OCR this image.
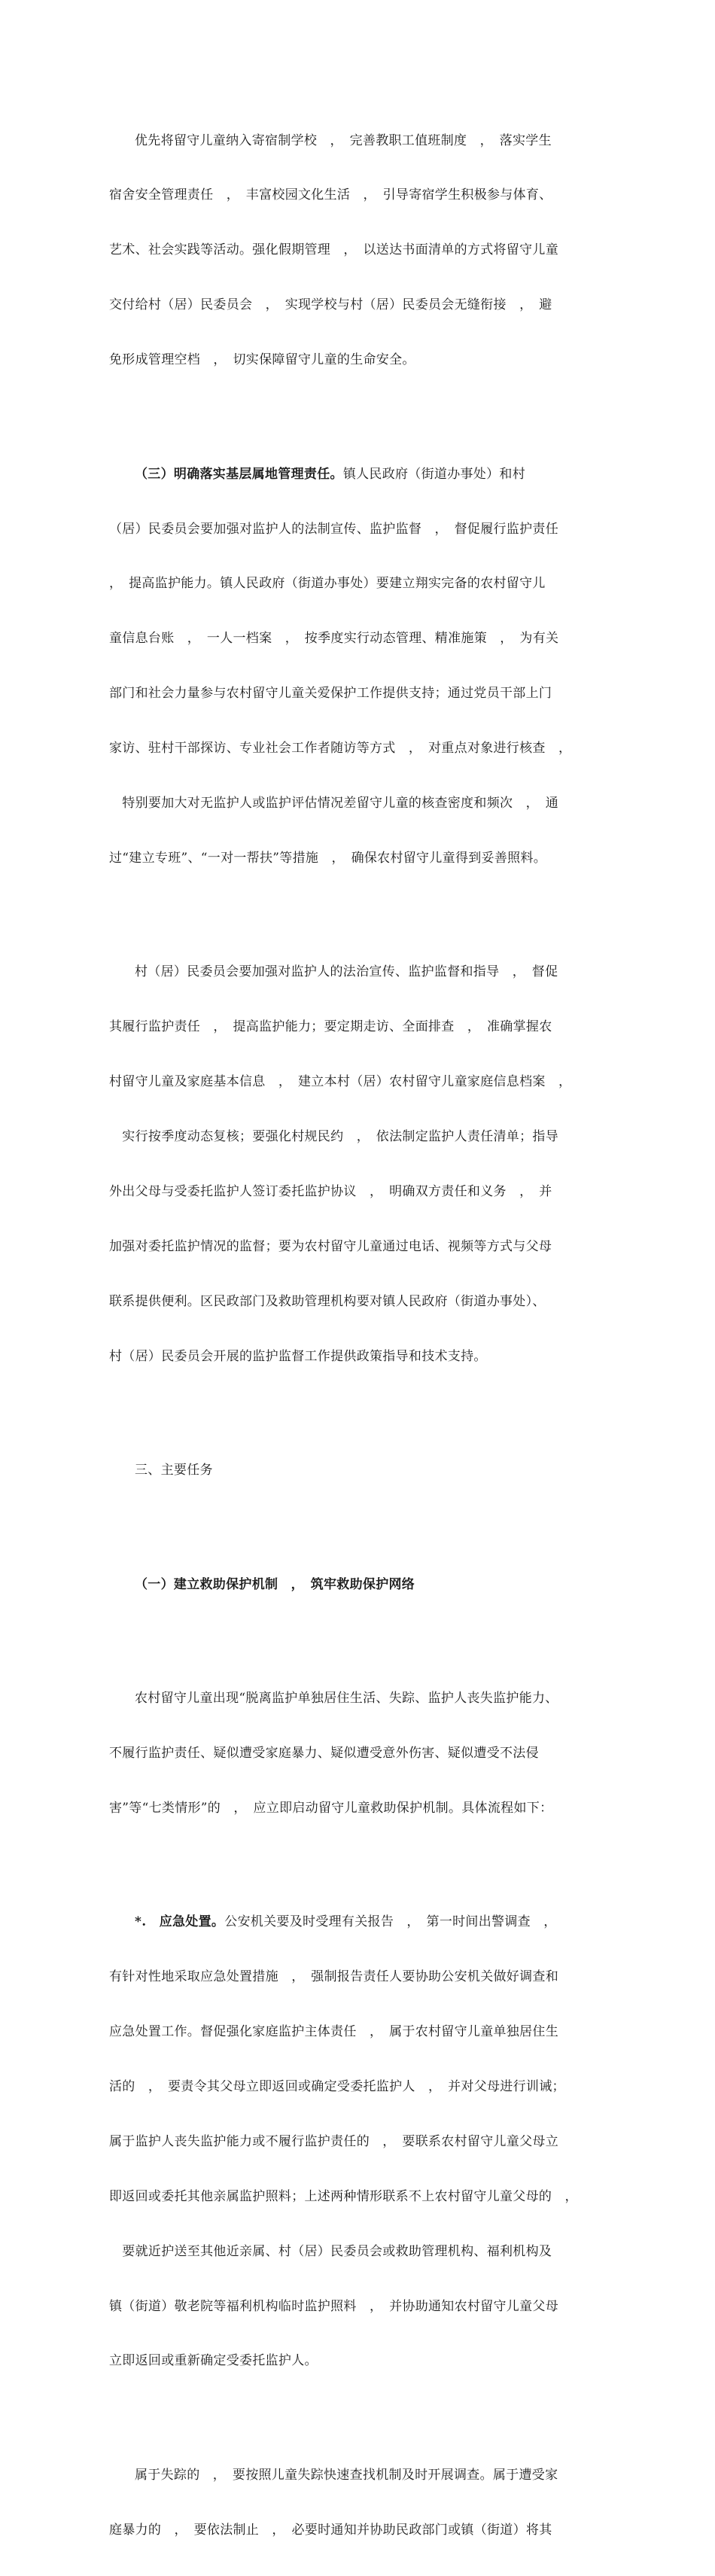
优先将留守儿童纳入寄宿制学校　，　完善教职工值班制度　，　落实学生

宿舍安全管理责任　，　丰富校园文化生活　，　引导寄宿学生积极参与体育、

艺术、社会实践等活动。强化假期管理　，　以送达书面清单的方式将留守儿童

交付给村（居）民委员会　，　实现学校与村（居）民委员会无缝衔接　，　避

免形成管理空档　，　切实保障留守儿童的生命安全。

（三）明确落实基层属地管理责任。镇人民政府（街道办事处）和村

（居）民委员会要加强对监护人的法制宣传、监护监督　，　督促履行监护责任

，　提高监护能力。镇人民政府（街道办事处）要建立翔实完备的农村留守儿

童信息台账　，　一人一档案　，　按季度实行动态管理、精准施策　，　为有关

部门和社会力量参与农村留守儿童关爱保护工作提供支持；通过党员干部上门

家访、驻村干部探访、专业社会工作者随访等方式　，　对重点对象进行核查　，

　特别要加大对无监护人或监护评估情况差留守儿童的核查密度和频次　，　通

过“建立专班”、“一对一帮扶”等措施　，　确保农村留守儿童得到妥善照料。

村（居）民委员会要加强对监护人的法治宣传、监护监督和指导　，　督促

其履行监护责任　，　提高监护能力；要定期走访、全面排查　，　准确掌握农

村留守儿童及家庭基本信息　，　建立本村（居）农村留守儿童家庭信息档案　，

　实行按季度动态复核；要强化村规民约　，　依法制定监护人责任清单；指导

外出父母与受委托监护人签订委托监护协议　，　明确双方责任和义务　，　并

加强对委托监护情况的监督；要为农村留守儿童通过电话、视频等方式与父母

联系提供便利。区民政部门及救助管理机构要对镇人民政府（街道办事处）、

村（居）民委员会开展的监护监督工作提供政策指导和技术支持。

三、主要任务

（一）建立救助保护机制　，　筑牢救助保护网络

农村留守儿童出现“脱离监护单独居住生活、失踪、监护人丧失监护能力、

不履行监护责任、疑似遭受家庭暴力、疑似遭受意外伤害、疑似遭受不法侵

害”等“七类情形”的　，　应立即启动留守儿童救助保护机制。具体流程如下：

*.　应急处置。公安机关要及时受理有关报告　，　第一时间出警调查　，

有针对性地采取应急处置措施　，　强制报告责任人要协助公安机关做好调查和

应急处置工作。督促强化家庭监护主体责任　，　属于农村留守儿童单独居住生

活的　，　要责令其父母立即返回或确定受委托监护人　，　并对父母进行训诫；

属于监护人丧失监护能力或不履行监护责任的　，　要联系农村留守儿童父母立

即返回或委托其他亲属监护照料；上述两种情形联系不上农村留守儿童父母的　，

　要就近护送至其他近亲属、村（居）民委员会或救助管理机构、福利机构及

镇（街道）敬老院等福利机构临时监护照料　，　并协助通知农村留守儿童父母

立即返回或重新确定受委托监护人。

属于失踪的　，　要按照儿童失踪快速查找机制及时开展调查。属于遭受家

庭暴力的　，　要依法制止　，　必要时通知并协助民政部门或镇（街道）将其
